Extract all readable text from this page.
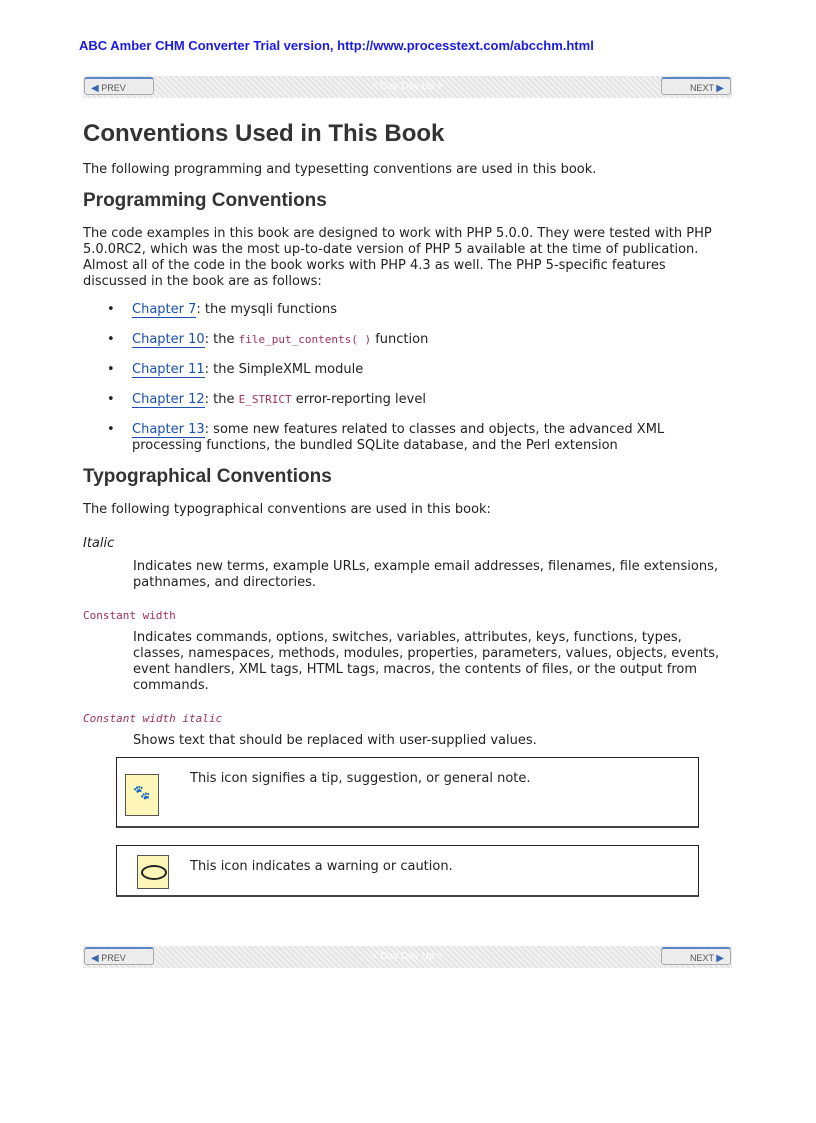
ABC Amber CHM Converter Trial version, http://www.processtext.com/abcchm.html
< Day Day Up >
◀ PREV	NEXT ▶
Conventions Used in This Book

The following programming and typesetting conventions are used in this book.

Programming Conventions

The code examples in this book are designed to work with PHP 5.0.0. They were tested with PHP 5.0.0RC2, which was the most up-to-date version of PHP 5 available at the time of publication. Almost all of the code in the book works with PHP 4.3 as well. The PHP 5-specific features discussed in the book are as follows:

• Chapter 7: the mysqli functions
• Chapter 10: the file_put_contents( ) function
• Chapter 11: the SimpleXML module
• Chapter 12: the E_STRICT error-reporting level
• Chapter 13: some new features related to classes and objects, the advanced XML processing functions, the bundled SQLite database, and the Perl extension
Typographical Conventions

The following typographical conventions are used in this book:

Italic
Indicates new terms, example URLs, example email addresses, filenames, file extensions, pathnames, and directories.
Constant width
Indicates commands, options, switches, variables, attributes, keys, functions, types, classes, namespaces, methods, modules, properties, parameters, values, objects, events, event handlers, XML tags, HTML tags, macros, the contents of files, or the output from commands.
Constant width italic
Shows text that should be replaced with user-supplied values.
🐾
This icon signifies a tip, suggestion, or general note.
This icon indicates a warning or caution.
< Day Day Up >
◀ PREV	NEXT ▶
